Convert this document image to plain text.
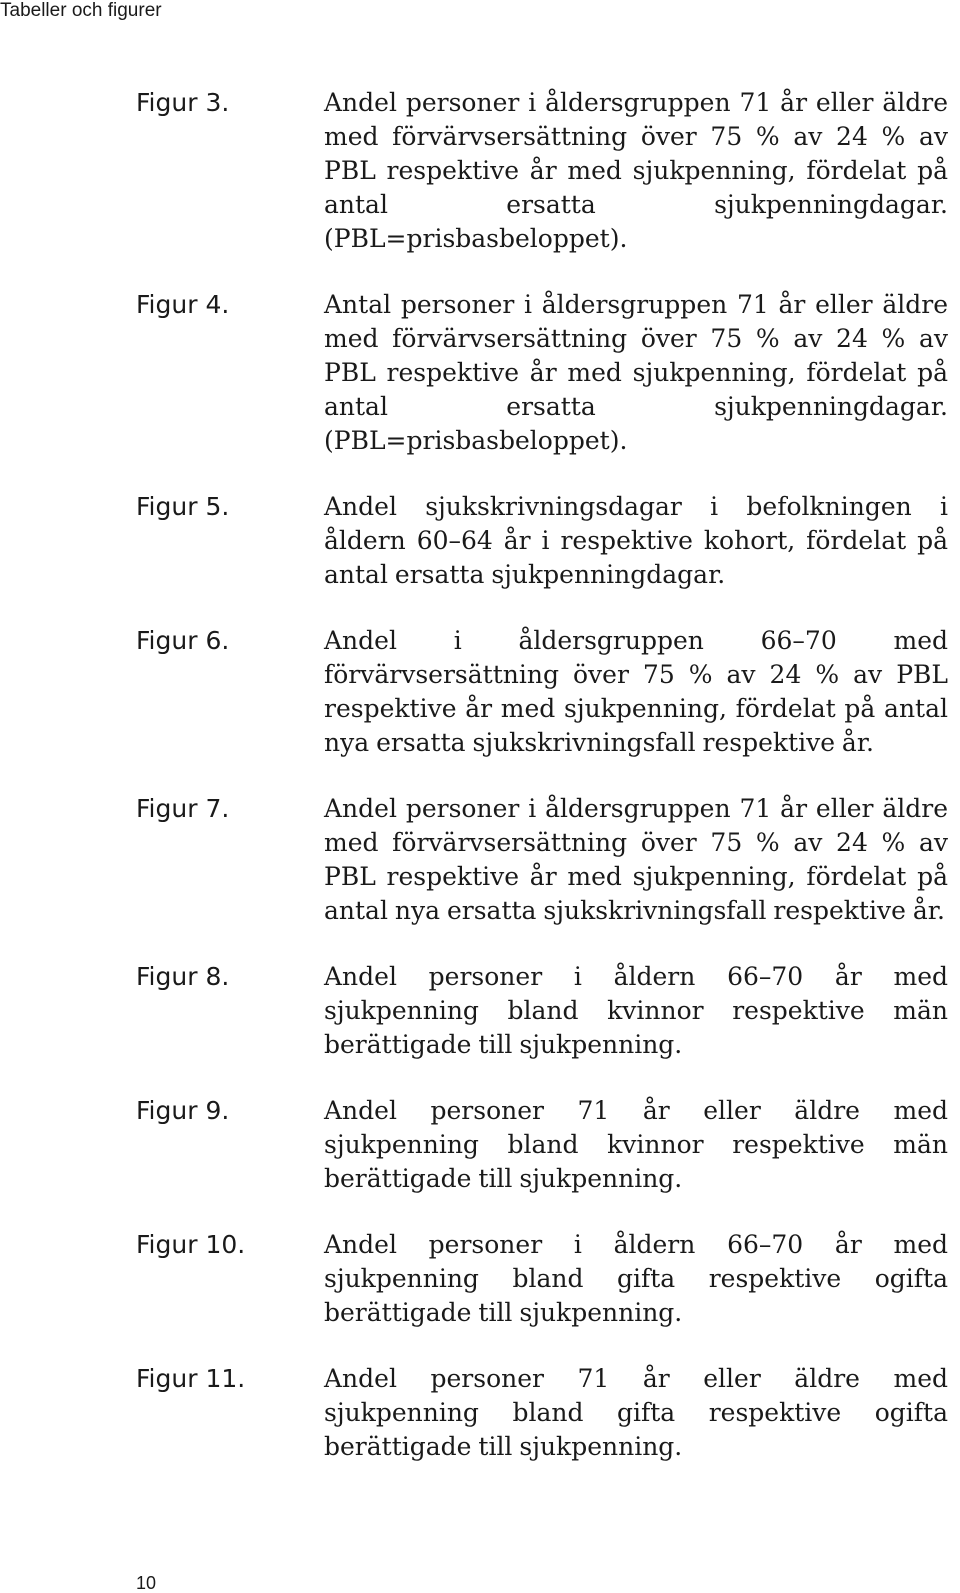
Tabeller och figurer
Figur 3.	Andel personer i åldersgruppen 71 år eller äldre med förvärvsersättning över 75 % av 24 % av PBL respektive år med sjukpenning, fördelat på antal ersatta sjukpenningdagar. (PBL=prisbasbeloppet).
Figur 4.	Antal personer i åldersgruppen 71 år eller äldre med förvärvsersättning över 75 % av 24 % av PBL respektive år med sjukpenning, fördelat på antal ersatta sjukpenningdagar. (PBL=prisbasbeloppet).
Figur 5.	Andel sjukskrivningsdagar i befolkningen i åldern 60–64 år i respektive kohort, fördelat på antal ersatta sjukpenningdagar.
Figur 6.	Andel i åldersgruppen 66–70 med förvärvsersättning över 75 % av 24 % av PBL respektive år med sjukpenning, fördelat på antal nya ersatta sjukskrivningsfall respektive år.
Figur 7.	Andel personer i åldersgruppen 71 år eller äldre med förvärvsersättning över 75 % av 24 % av PBL respektive år med sjukpenning, fördelat på antal nya ersatta sjukskrivningsfall respektive år.
Figur 8.	Andel personer i åldern 66–70 år med sjukpenning bland kvinnor respektive män berättigade till sjukpenning.
Figur 9.	Andel personer 71 år eller äldre med sjukpenning bland kvinnor respektive män berättigade till sjukpenning.
Figur 10.	Andel personer i åldern 66–70 år med sjukpenning bland gifta respektive ogifta berättigade till sjukpenning.
Figur 11.	Andel personer 71 år eller äldre med sjukpenning bland gifta respektive ogifta berättigade till sjukpenning.
10
